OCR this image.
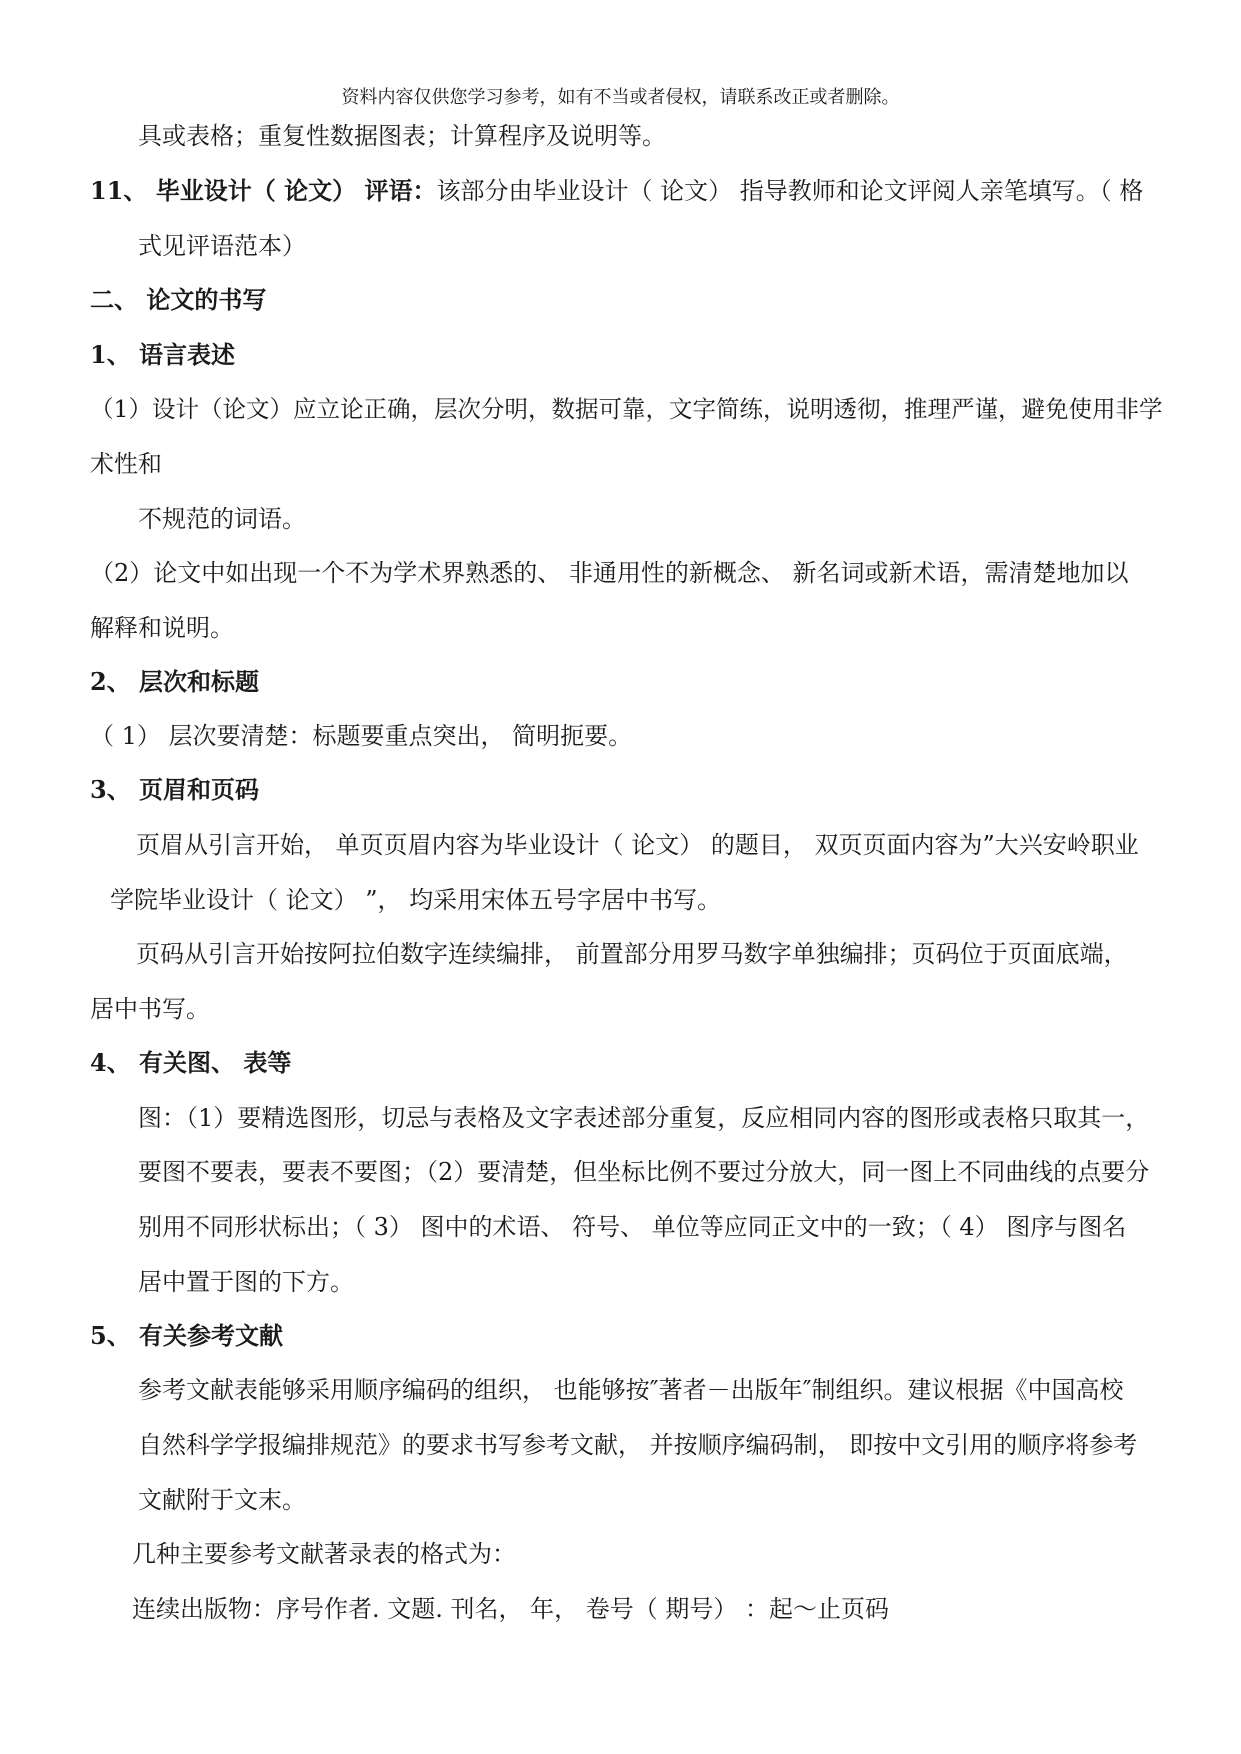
资料内容仅供您学习参考，如有不当或者侵权，请联系改正或者删除。
具或表格；重复性数据图表；计算程序及说明等。
11、 毕业设计（ 论文） 评语：该部分由毕业设计（ 论文） 指导教师和论文评阅人亲笔填写。（ 格
式见评语范本）
二、 论文的书写
1、 语言表述
（1）设计（论文）应立论正确，层次分明，数据可靠，文字简练，说明透彻，推理严谨，避免使用非学
术性和
不规范的词语。
（2）论文中如出现一个不为学术界熟悉的、 非通用性的新概念、 新名词或新术语，需清楚地加以
解释和说明。
2、 层次和标题
（ 1） 层次要清楚：标题要重点突出， 简明扼要。
3、 页眉和页码
页眉从引言开始， 单页页眉内容为毕业设计（ 论文） 的题目， 双页页面内容为”大兴安岭职业
学院毕业设计（ 论文） ”， 均采用宋体五号字居中书写。
页码从引言开始按阿拉伯数字连续编排， 前置部分用罗马数字单独编排；页码位于页面底端，
居中书写。
4、 有关图、 表等
图：（1）要精选图形，切忌与表格及文字表述部分重复，反应相同内容的图形或表格只取其一，
要图不要表，要表不要图；（2）要清楚，但坐标比例不要过分放大，同一图上不同曲线的点要分
别用不同形状标出；（ 3） 图中的术语、 符号、 单位等应同正文中的一致；（ 4） 图序与图名
居中置于图的下方。
5、 有关参考文献
参考文献表能够采用顺序编码的组织， 也能够按″著者－出版年″制组织。建议根据《中国高校
自然科学学报编排规范》的要求书写参考文献， 并按顺序编码制， 即按中文引用的顺序将参考
文献附于文末。
几种主要参考文献著录表的格式为：
连续出版物：序号作者. 文题. 刊名， 年， 卷号（ 期号） ：起～止页码
